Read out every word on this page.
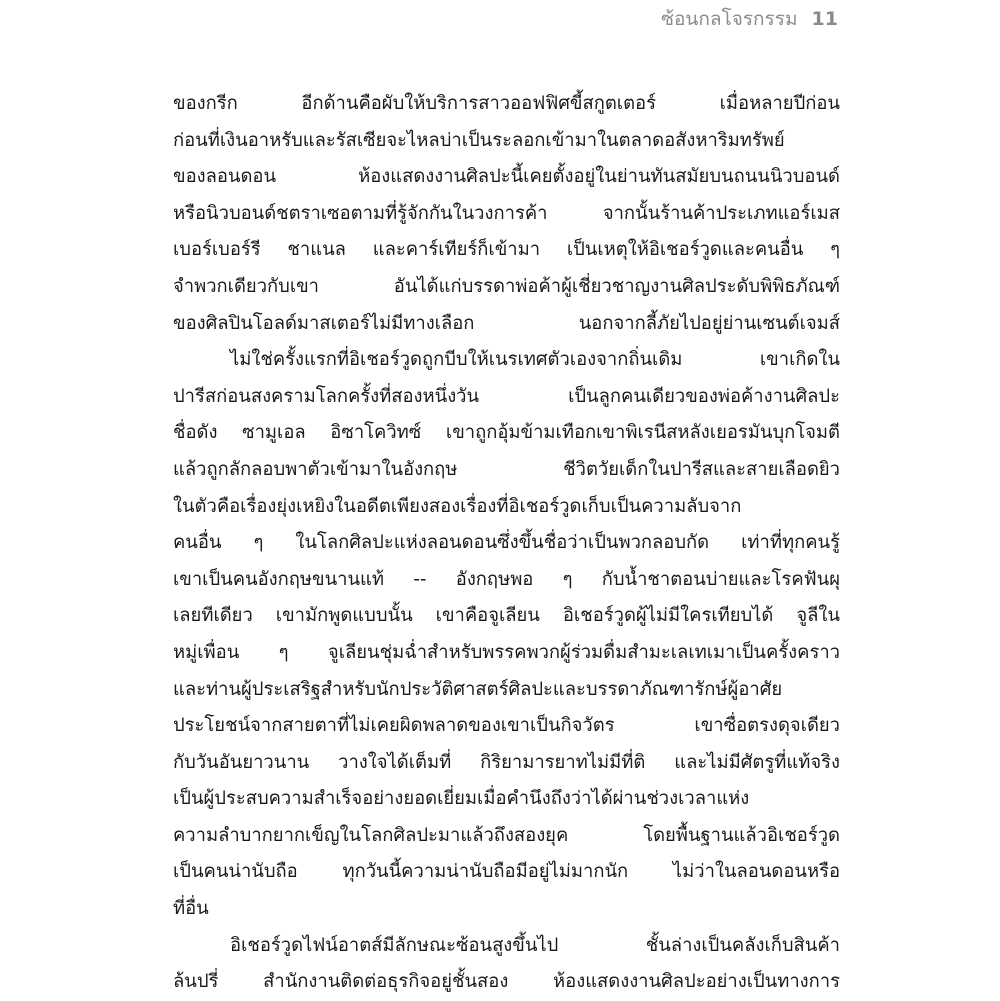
ซ้อนกลโจรกรรม 11
ของกรีก อีกด้านคือผับให้บริการสาวออฟฟิศขี้สกูตเตอร์ เมื่อหลายปีก่อน
ก่อนที่เงินอาหรับและรัสเซียจะไหลบ่าเป็นระลอกเข้ามาในตลาดอสังหาริมทรัพย์
ของลอนดอน ห้องแสดงงานศิลปะนี้เคยตั้งอยู่ในย่านทันสมัยบนถนนนิวบอนด์
หรือนิวบอนด์ชตราเซอตามที่รู้จักกันในวงการค้า จากนั้นร้านค้าประเภทแอร์เมส
เบอร์เบอร์รี ชาแนล และคาร์เทียร์ก็เข้ามา เป็นเหตุให้อิเชอร์วูดและคนอื่น ๆ
จำพวกเดียวกับเขา อันได้แก่บรรดาพ่อค้าผู้เชี่ยวชาญงานศิลประดับพิพิธภัณฑ์
ของศิลปินโอลด์มาสเตอร์ไม่มีทางเลือก นอกจากลี้ภัยไปอยู่ย่านเซนต์เจมส์
ไม่ใช่ครั้งแรกที่อิเชอร์วูดถูกบีบให้เนรเทศตัวเองจากถิ่นเดิม เขาเกิดใน
ปารีสก่อนสงครามโลกครั้งที่สองหนึ่งวัน เป็นลูกคนเดียวของพ่อค้างานศิลปะ
ชื่อดัง ซามูเอล อิซาโควิทซ์ เขาถูกอุ้มข้ามเทือกเขาพิเรนีสหลังเยอรมันบุกโจมตี
แล้วถูกลักลอบพาตัวเข้ามาในอังกฤษ ชีวิตวัยเด็กในปารีสและสายเลือดยิว
ในตัวคือเรื่องยุ่งเหยิงในอดีตเพียงสองเรื่องที่อิเชอร์วูดเก็บเป็นความลับจาก
คนอื่น ๆ ในโลกศิลปะแห่งลอนดอนซึ่งขึ้นชื่อว่าเป็นพวกลอบกัด เท่าที่ทุกคนรู้
เขาเป็นคนอังกฤษขนานแท้ -- อังกฤษพอ ๆ กับน้ำชาตอนบ่ายและโรคฟันผุ
เลยทีเดียว เขามักพูดแบบนั้น เขาคือจูเลียน อิเชอร์วูดผู้ไม่มีใครเทียบได้ จูลีใน
หมู่เพื่อน ๆ จูเลียนชุ่มฉ่ำสำหรับพรรคพวกผู้ร่วมดื่มสำมะเลเทเมาเป็นครั้งคราว
และท่านผู้ประเสริฐสำหรับนักประวัติศาสตร์ศิลปะและบรรดาภัณฑารักษ์ผู้อาศัย
ประโยชน์จากสายตาที่ไม่เคยผิดพลาดของเขาเป็นกิจวัตร เขาซื่อตรงดุจเดียว
กับวันอันยาวนาน วางใจได้เต็มที่ กิริยามารยาทไม่มีที่ติ และไม่มีศัตรูที่แท้จริง
เป็นผู้ประสบความสำเร็จอย่างยอดเยี่ยมเมื่อคำนึงถึงว่าได้ผ่านช่วงเวลาแห่ง
ความลำบากยากเข็ญในโลกศิลปะมาแล้วถึงสองยุค โดยพื้นฐานแล้วอิเชอร์วูด
เป็นคนน่านับถือ ทุกวันนี้ความน่านับถือมีอยู่ไม่มากนัก ไม่ว่าในลอนดอนหรือ
ที่อื่น
อิเชอร์วูดไฟน์อาตส์มีลักษณะซ้อนสูงขึ้นไป ชั้นล่างเป็นคลังเก็บสินค้า
ล้นปรี่ สำนักงานติดต่อธุรกิจอยู่ชั้นสอง ห้องแสดงงานศิลปะอย่างเป็นทางการ
